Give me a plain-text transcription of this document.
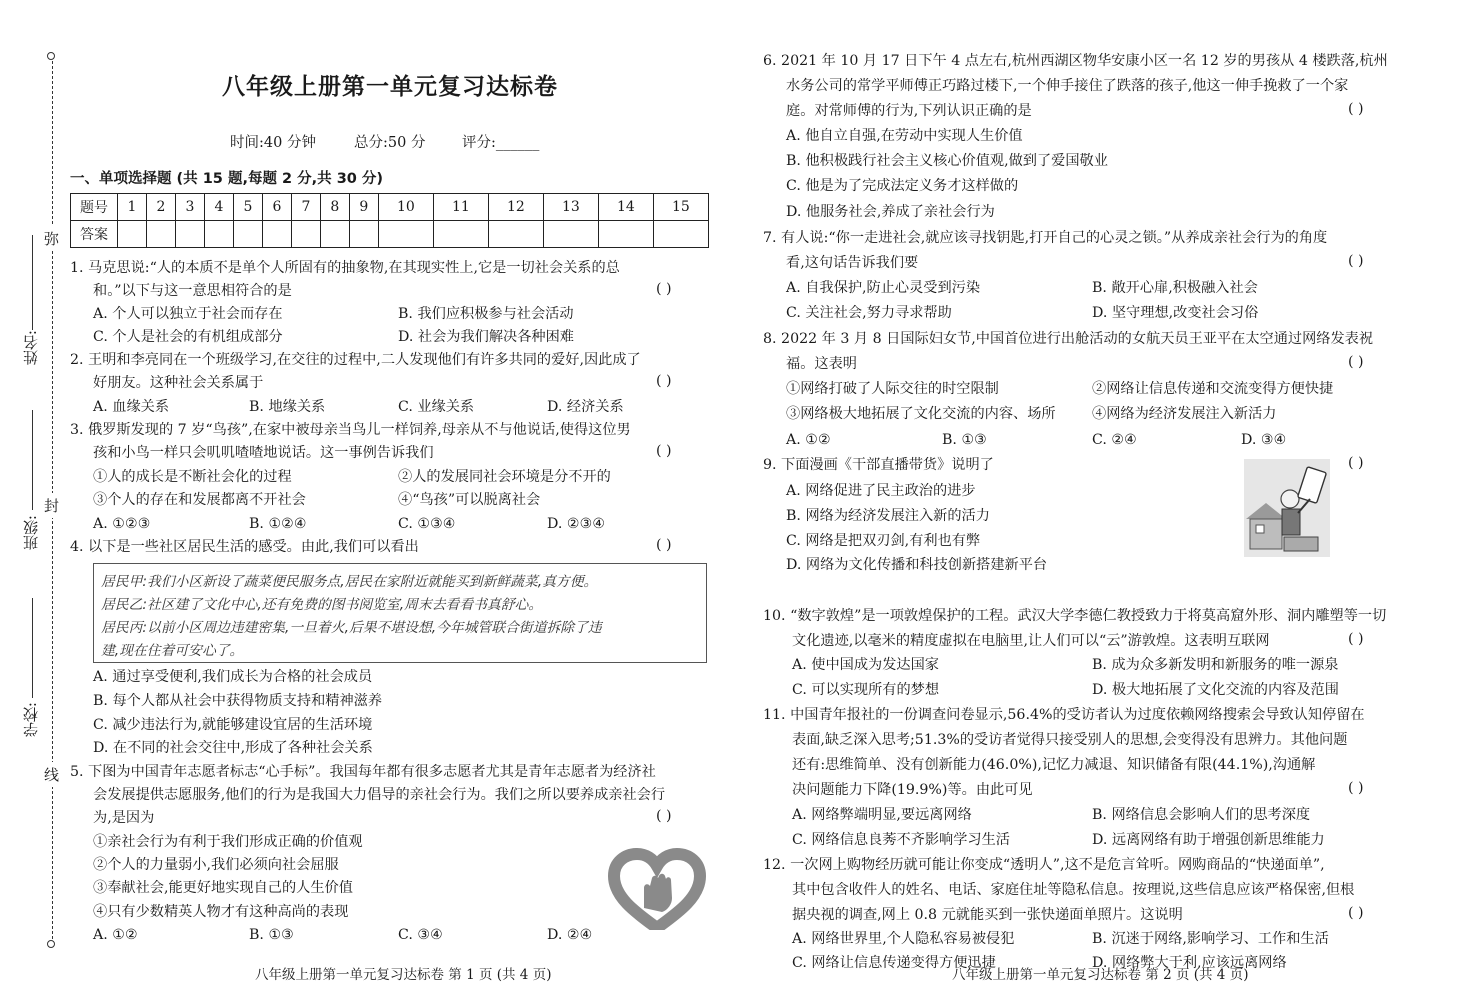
弥
封
线
姓名:
班级:
学校:
八年级上册第一单元复习达标卷
时间:40 分钟	总分:50 分	评分:______
一、单项选择题 (共 15 题,每题 2 分,共 30 分)
题号	1	2	3	4	5	6	7	8	9	10	11	12	13	14	15
答案															
1. 马克思说:“人的本质不是单个人所固有的抽象物,在其现实性上,它是一切社会关系的总
和。”以下与这一意思相符合的是	( )
A. 个人可以独立于社会而存在	B. 我们应积极参与社会活动
C. 个人是社会的有机组成部分	D. 社会为我们解决各种困难
2. 王明和李亮同在一个班级学习,在交往的过程中,二人发现他们有许多共同的爱好,因此成了
好朋友。这种社会关系属于	( )
A. 血缘关系	B. 地缘关系	C. 业缘关系	D. 经济关系
3. 俄罗斯发现的 7 岁“鸟孩”,在家中被母亲当鸟儿一样饲养,母亲从不与他说话,使得这位男
孩和小鸟一样只会叽叽喳喳地说话。这一事例告诉我们	( )
①人的成长是不断社会化的过程	②人的发展同社会环境是分不开的
③个人的存在和发展都离不开社会	④“鸟孩”可以脱离社会
A. ①②③	B. ①②④	C. ①③④	D. ②③④
4. 以下是一些社区居民生活的感受。由此,我们可以看出	( )
居民甲:我们小区新设了蔬菜便民服务点,居民在家附近就能买到新鲜蔬菜,真方便。
居民乙:社区建了文化中心,还有免费的图书阅览室,周末去看看书真舒心。
居民丙:以前小区周边违建密集,一旦着火,后果不堪设想,今年城管联合街道拆除了违
建,现在住着可安心了。
A. 通过享受便利,我们成长为合格的社会成员
B. 每个人都从社会中获得物质支持和精神滋养
C. 减少违法行为,就能够建设宜居的生活环境
D. 在不同的社会交往中,形成了各种社会关系
5. 下图为中国青年志愿者标志“心手标”。我国每年都有很多志愿者尤其是青年志愿者为经济社
会发展提供志愿服务,他们的行为是我国大力倡导的亲社会行为。我们之所以要养成亲社会行
为,是因为	( )
①亲社会行为有利于我们形成正确的价值观
②个人的力量弱小,我们必须向社会屈服
③奉献社会,能更好地实现自己的人生价值
④只有少数精英人物才有这种高尚的表现
A. ①②	B. ①③	C. ③④	D. ②④
6. 2021 年 10 月 17 日下午 4 点左右,杭州西湖区物华安康小区一名 12 岁的男孩从 4 楼跌落,杭州
水务公司的常学平师傅正巧路过楼下,一个伸手接住了跌落的孩子,他这一伸手挽救了一个家
庭。对常师傅的行为,下列认识正确的是	( )
A. 他自立自强,在劳动中实现人生价值
B. 他积极践行社会主义核心价值观,做到了爱国敬业
C. 他是为了完成法定义务才这样做的
D. 他服务社会,养成了亲社会行为
7. 有人说:“你一走进社会,就应该寻找钥匙,打开自己的心灵之锁。”从养成亲社会行为的角度
看,这句话告诉我们要	( )
A. 自我保护,防止心灵受到污染	B. 敞开心扉,积极融入社会
C. 关注社会,努力寻求帮助	D. 坚守理想,改变社会习俗
8. 2022 年 3 月 8 日国际妇女节,中国首位进行出舱活动的女航天员王亚平在太空通过网络发表祝
福。这表明	( )
①网络打破了人际交往的时空限制	②网络让信息传递和交流变得方便快捷
③网络极大地拓展了文化交流的内容、场所	④网络为经济发展注入新活力
A. ①②	B. ①③	C. ②④	D. ③④
9. 下面漫画《干部直播带货》说明了	( )
A. 网络促进了民主政治的进步
B. 网络为经济发展注入新的活力
C. 网络是把双刃剑,有利也有弊
D. 网络为文化传播和科技创新搭建新平台
10. “数字敦煌”是一项敦煌保护的工程。武汉大学李德仁教授致力于将莫高窟外形、洞内雕塑等一切
文化遗迹,以毫米的精度虚拟在电脑里,让人们可以“云”游敦煌。这表明互联网	( )
A. 使中国成为发达国家	B. 成为众多新发明和新服务的唯一源泉
C. 可以实现所有的梦想	D. 极大地拓展了文化交流的内容及范围
11. 中国青年报社的一份调查问卷显示,56.4%的受访者认为过度依赖网络搜索会导致认知停留在
表面,缺乏深入思考;51.3%的受访者觉得只接受别人的思想,会变得没有思辨力。其他问题
还有:思维简单、没有创新能力(46.0%),记忆力减退、知识储备有限(44.1%),沟通解
决问题能力下降(19.9%)等。由此可见	( )
A. 网络弊端明显,要远离网络	B. 网络信息会影响人们的思考深度
C. 网络信息良莠不齐影响学习生活	D. 远离网络有助于增强创新思维能力
12. 一次网上购物经历就可能让你变成“透明人”,这不是危言耸听。网购商品的“快递面单”,
其中包含收件人的姓名、电话、家庭住址等隐私信息。按理说,这些信息应该严格保密,但根
据央视的调查,网上 0.8 元就能买到一张快递面单照片。这说明	( )
A. 网络世界里,个人隐私容易被侵犯	B. 沉迷于网络,影响学习、工作和生活
C. 网络让信息传递变得方便迅捷	D. 网络弊大于利,应该远离网络
八年级上册第一单元复习达标卷 第 1 页 (共 4 页)	八年级上册第一单元复习达标卷 第 2 页 (共 4 页)
